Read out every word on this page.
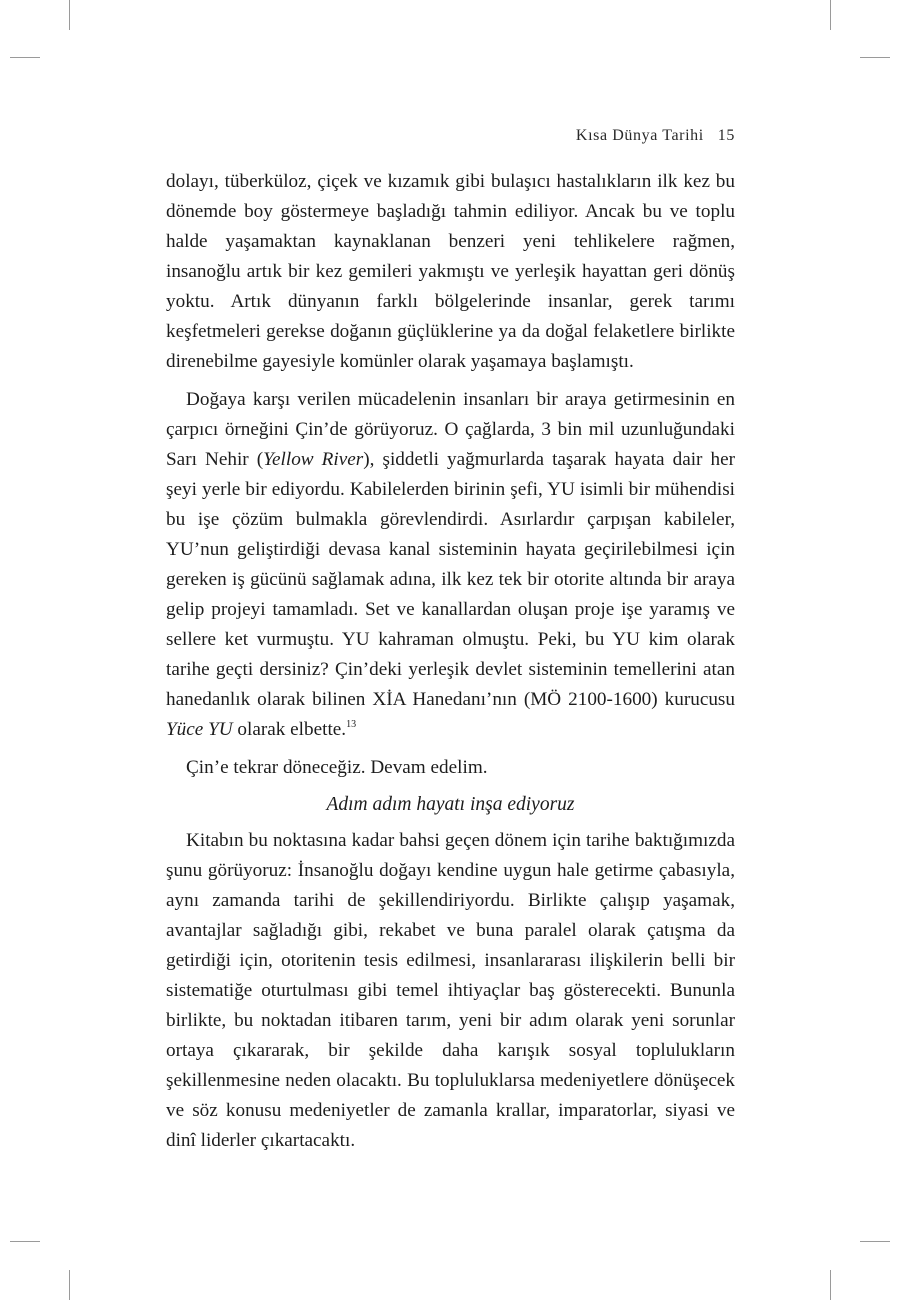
Kısa Dünya Tarihi 15

dolayı, tüberküloz, çiçek ve kızamık gibi bulaşıcı hastalıkların ilk kez bu dönemde boy göstermeye başladığı tahmin ediliyor. Ancak bu ve toplu halde yaşamaktan kaynaklanan benzeri yeni tehlikelere rağmen, insanoğlu artık bir kez gemileri yakmıştı ve yerleşik hayattan geri dönüş yoktu. Artık dünyanın farklı bölgelerinde insanlar, gerek tarımı keşfetmeleri gerekse doğanın güçlüklerine ya da doğal felaketlere birlikte direnebilme gayesiyle komünler olarak yaşamaya başlamıştı.

Doğaya karşı verilen mücadelenin insanları bir araya getirmesinin en çarpıcı örneğini Çin’de görüyoruz. O çağlarda, 3 bin mil uzunluğundaki Sarı Nehir (Yellow River), şiddetli yağmurlarda taşarak hayata dair her şeyi yerle bir ediyordu. Kabilelerden birinin şefi, YU isimli bir mühendisi bu işe çözüm bulmakla görevlendirdi. Asırlardır çarpışan kabileler, YU’nun geliştirdiği devasa kanal sisteminin hayata geçirilebilmesi için gereken iş gücünü sağlamak adına, ilk kez tek bir otorite altında bir araya gelip projeyi tamamladı. Set ve kanallardan oluşan proje işe yaramış ve sellere ket vurmuştu. YU kahraman olmuştu. Peki, bu YU kim olarak tarihe geçti dersiniz? Çin’deki yerleşik devlet sisteminin temellerini atan hanedanlık olarak bilinen XİA Hanedanı’nın (MÖ 2100-1600) kurucusu Yüce YU olarak elbette.$^{13}$

Çin’e tekrar döneceğiz. Devam edelim.

Adım adım hayatı inşa ediyoruz

Kitabın bu noktasına kadar bahsi geçen dönem için tarihe baktığımızda şunu görüyoruz: İnsanoğlu doğayı kendine uygun hale getirme çabasıyla, aynı zamanda tarihi de şekillendiriyordu. Birlikte çalışıp yaşamak, avantajlar sağladığı gibi, rekabet ve buna paralel olarak çatışma da getirdiği için, otoritenin tesis edilmesi, insanlararası ilişkilerin belli bir sistematiğe oturtulması gibi temel ihtiyaçlar baş gösterecekti. Bununla birlikte, bu noktadan itibaren tarım, yeni bir adım olarak yeni sorunlar ortaya çıkararak, bir şekilde daha karışık sosyal toplulukların şekillenmesine neden olacaktı. Bu topluluklarsa medeniyetlere dönüşecek ve söz konusu medeniyetler de zamanla krallar, imparatorlar, siyasi ve dinî liderler çıkartacaktı.
